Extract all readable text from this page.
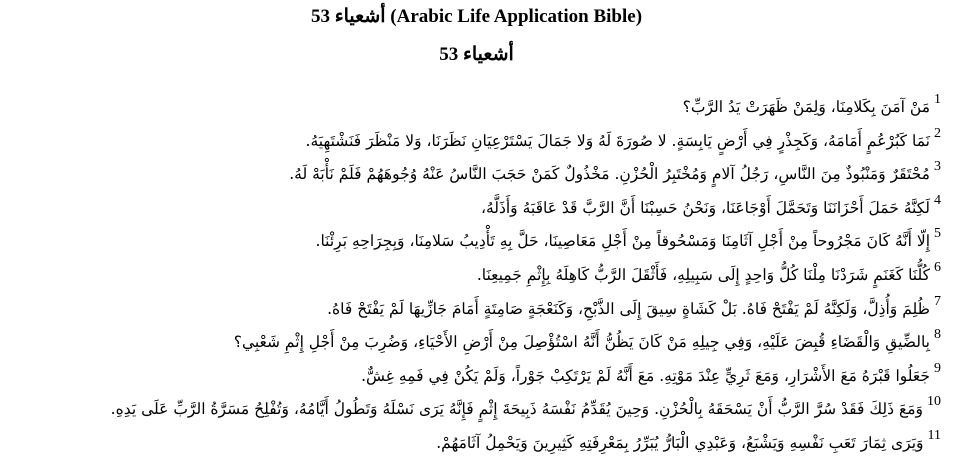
أشعياء 53 (Arabic Life Application Bible)
أشعياء 53
1
مَنْ آمَنَ بِكَلامِنَا، وَلِمَنْ ظَهَرَتْ يَدُ الرَّبِّ؟
2
نَمَا كَبُرْعُمٍ أَمَامَهُ، وَكَجِذْرٍ فِي أَرْضٍ يَابِسَةٍ. لا صُورَةَ لَهُ وَلا جَمَالَ يَسْتَرْعِيَانِ نَظَرَنَا، وَلا مَنْظَرَ فَنَشْتَهِيَهُ.
3
مُحْتَقَرٌ وَمَنْبُوذٌ مِنَ النَّاسِ، رَجُلُ آلامٍ وَمُخْتَبِرُ الْحُزْنِ. مَخْذُولٌ كَمَنْ حَجَبَ النَّاسُ عَنْهُ وُجُوهَهُمْ فَلَمْ نَأْبَهْ لَهُ.
4
لَكِنَّهُ حَمَلَ أَحْزَانَنَا وَتَحَمَّلَ أَوْجَاعَنَا، وَنَحْنُ حَسِبْنَا أَنَّ الرَّبَّ قَدْ عَاقَبَهُ وَأَذَلَّهُ،
5
إِلّا أَنَّهُ كَانَ مَجْرُوحاً مِنْ أَجْلِ آثَامِنَا وَمَسْحُوقاً مِنْ أَجْلِ مَعَاصِينَا، حَلَّ بِهِ تَأْدِيبُ سَلامِنَا، وَبِجِرَاحِهِ بَرِئْنَا.
6
كُلُّنَا كَغَنَمٍ شَرَدْنَا مِلْنَا كُلُّ وَاحِدٍ إِلَى سَبِيلِهِ، فَأَثْقَلَ الرَّبُّ كَاهِلَهُ بِإِثْمِ جَمِيعِنَا.
7
ظُلِمَ وَأُذِلَّ، وَلَكِنَّهُ لَمْ يَفْتَحْ فَاهُ. بَلْ كَشَاةٍ سِيقَ إِلَى الذَّبْحِ، وَكَنَعْجَةٍ صَامِتَةٍ أَمَامَ جَازِّيهَا لَمْ يَفْتَحْ فَاهُ.
8
بِالضِّيقِ وَالْقَضَاءِ قُبِضَ عَلَيْهِ، وَفِي جِيلِهِ مَنْ كَانَ يَظُنُّ أَنَّهُ اسْتُؤْصِلَ مِنْ أَرْضِ الأَحْيَاءِ، وَضُرِبَ مِنْ أَجْلِ إِثْمِ شَعْبِي؟
9
جَعَلُوا قَبْرَهُ مَعَ الأَشْرَارِ، وَمَعَ ثَرِيٍّ عِنْدَ مَوْتِهِ. مَعَ أَنَّهُ لَمْ يَرْتَكِبْ جَوْراً، وَلَمْ يَكُنْ فِي فَمِهِ غِشٌّ.
10
وَمَعَ ذَلِكَ فَقَدْ سُرَّ الرَّبُّ أَنْ يَسْحَقَهُ بِالْحُزْنِ. وَحِينَ يُقَدِّمُ نَفْسَهُ ذَبِيحَةَ إِثْمٍ فَإِنَّهُ يَرَى نَسْلَهُ وَتَطُولُ أَيَّامُهُ، وَتُفْلِحُ مَسَرَّةُ الرَّبِّ عَلَى يَدِهِ.
11
وَيَرَى ثِمَارَ تَعَبِ نَفْسِهِ وَيَشْبَعُ، وَعَبْدِي الْبَارُّ يُبَرِّرُ بِمَعْرِفَتِهِ كَثِيرِينَ وَيَحْمِلُ آثَامَهُمْ.
